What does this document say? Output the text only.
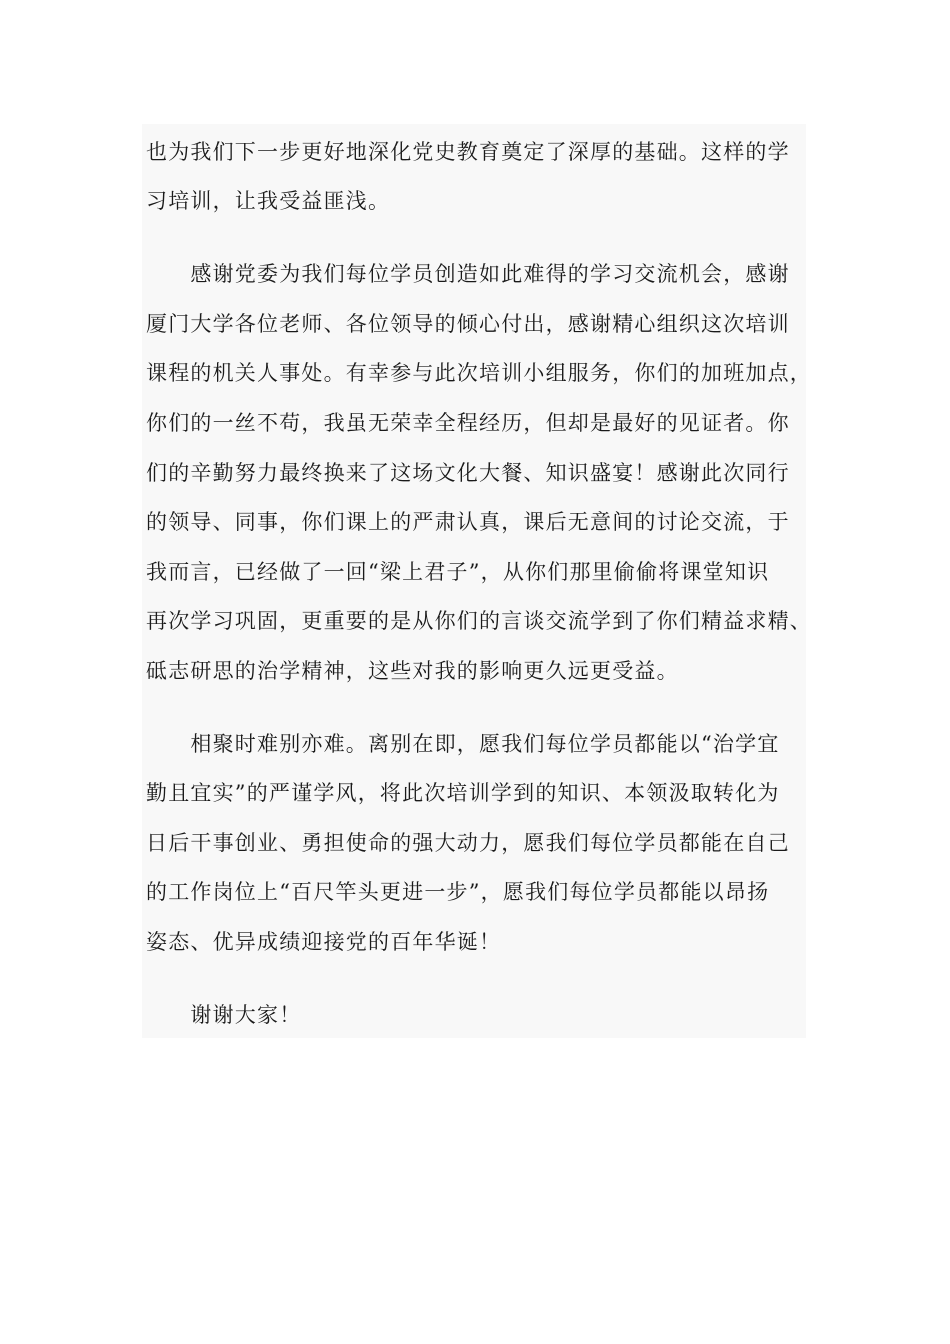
也为我们下一步更好地深化党史教育奠定了深厚的基础。这样的学
习培训，让我受益匪浅。
　　感谢党委为我们每位学员创造如此难得的学习交流机会，感谢
厦门大学各位老师、各位领导的倾心付出，感谢精心组织这次培训
课程的机关人事处。有幸参与此次培训小组服务，你们的加班加点，
你们的一丝不苟，我虽无荣幸全程经历，但却是最好的见证者。你
们的辛勤努力最终换来了这场文化大餐、知识盛宴！感谢此次同行
的领导、同事，你们课上的严肃认真，课后无意间的讨论交流，于
我而言，已经做了一回“梁上君子”，从你们那里偷偷将课堂知识
再次学习巩固，更重要的是从你们的言谈交流学到了你们精益求精、
砥志研思的治学精神，这些对我的影响更久远更受益。
　　相聚时难别亦难。离别在即，愿我们每位学员都能以“治学宜
勤且宜实”的严谨学风，将此次培训学到的知识、本领汲取转化为
日后干事创业、勇担使命的强大动力，愿我们每位学员都能在自己
的工作岗位上“百尺竿头更进一步”，愿我们每位学员都能以昂扬
姿态、优异成绩迎接党的百年华诞！
　　谢谢大家！
